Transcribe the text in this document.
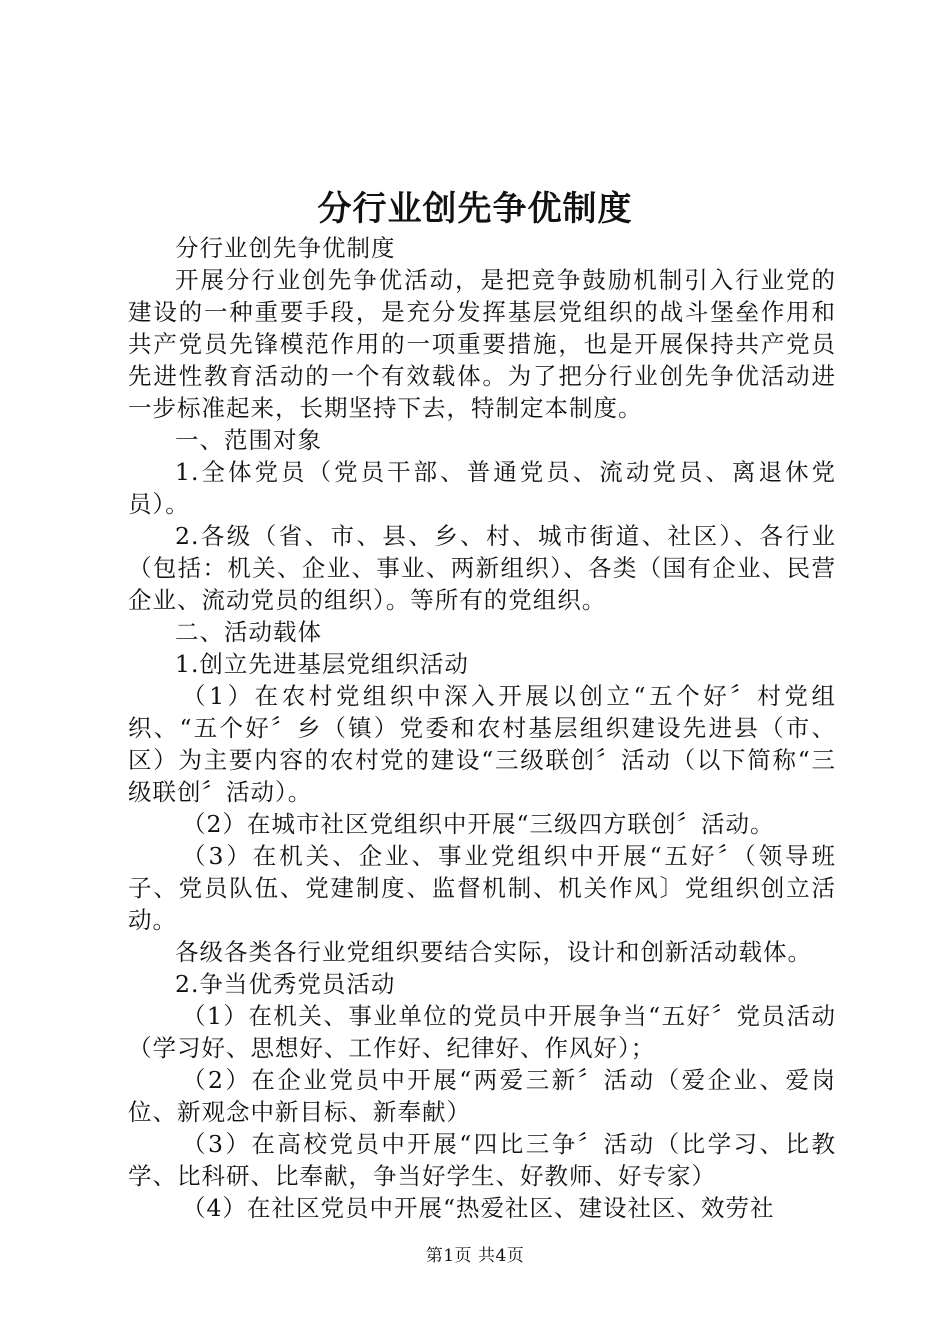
分行业创先争优制度

分行业创先争优制度

开展分行业创先争优活动，是把竞争鼓励机制引入行业党的建设的一种重要手段，是充分发挥基层党组织的战斗堡垒作用和共产党员先锋模范作用的一项重要措施，也是开展保持共产党员先进性教育活动的一个有效载体。为了把分行业创先争优活动进一步标准起来，长期坚持下去，特制定本制度。

一、范围对象

1.全体党员（党员干部、普通党员、流动党员、离退休党员）。

2.各级（省、市、县、乡、村、城市街道、社区）、各行业（包括：机关、企业、事业、两新组织）、各类（国有企业、民营企业、流动党员的组织）。等所有的党组织。

二、活动载体

1.创立先进基层党组织活动

（1）在农村党组织中深入开展以创立“五个好〞村党组织、“五个好〞乡（镇）党委和农村基层组织建设先进县（市、区）为主要内容的农村党的建设“三级联创〞活动（以下简称“三级联创〞活动）。

（2）在城市社区党组织中开展“三级四方联创〞活动。

（3）在机关、企业、事业党组织中开展“五好〞（领导班子、党员队伍、党建制度、监督机制、机关作风〕党组织创立活动。

各级各类各行业党组织要结合实际，设计和创新活动载体。

2.争当优秀党员活动

（1）在机关、事业单位的党员中开展争当“五好〞党员活动（学习好、思想好、工作好、纪律好、作风好）；

（2）在企业党员中开展“两爱三新〞活动（爱企业、爱岗位、新观念中新目标、新奉献）

（3）在高校党员中开展“四比三争〞活动（比学习、比教学、比科研、比奉献，争当好学生、好教师、好专家）

（4）在社区党员中开展“热爱社区、建设社区、效劳社

第1页 共4页
